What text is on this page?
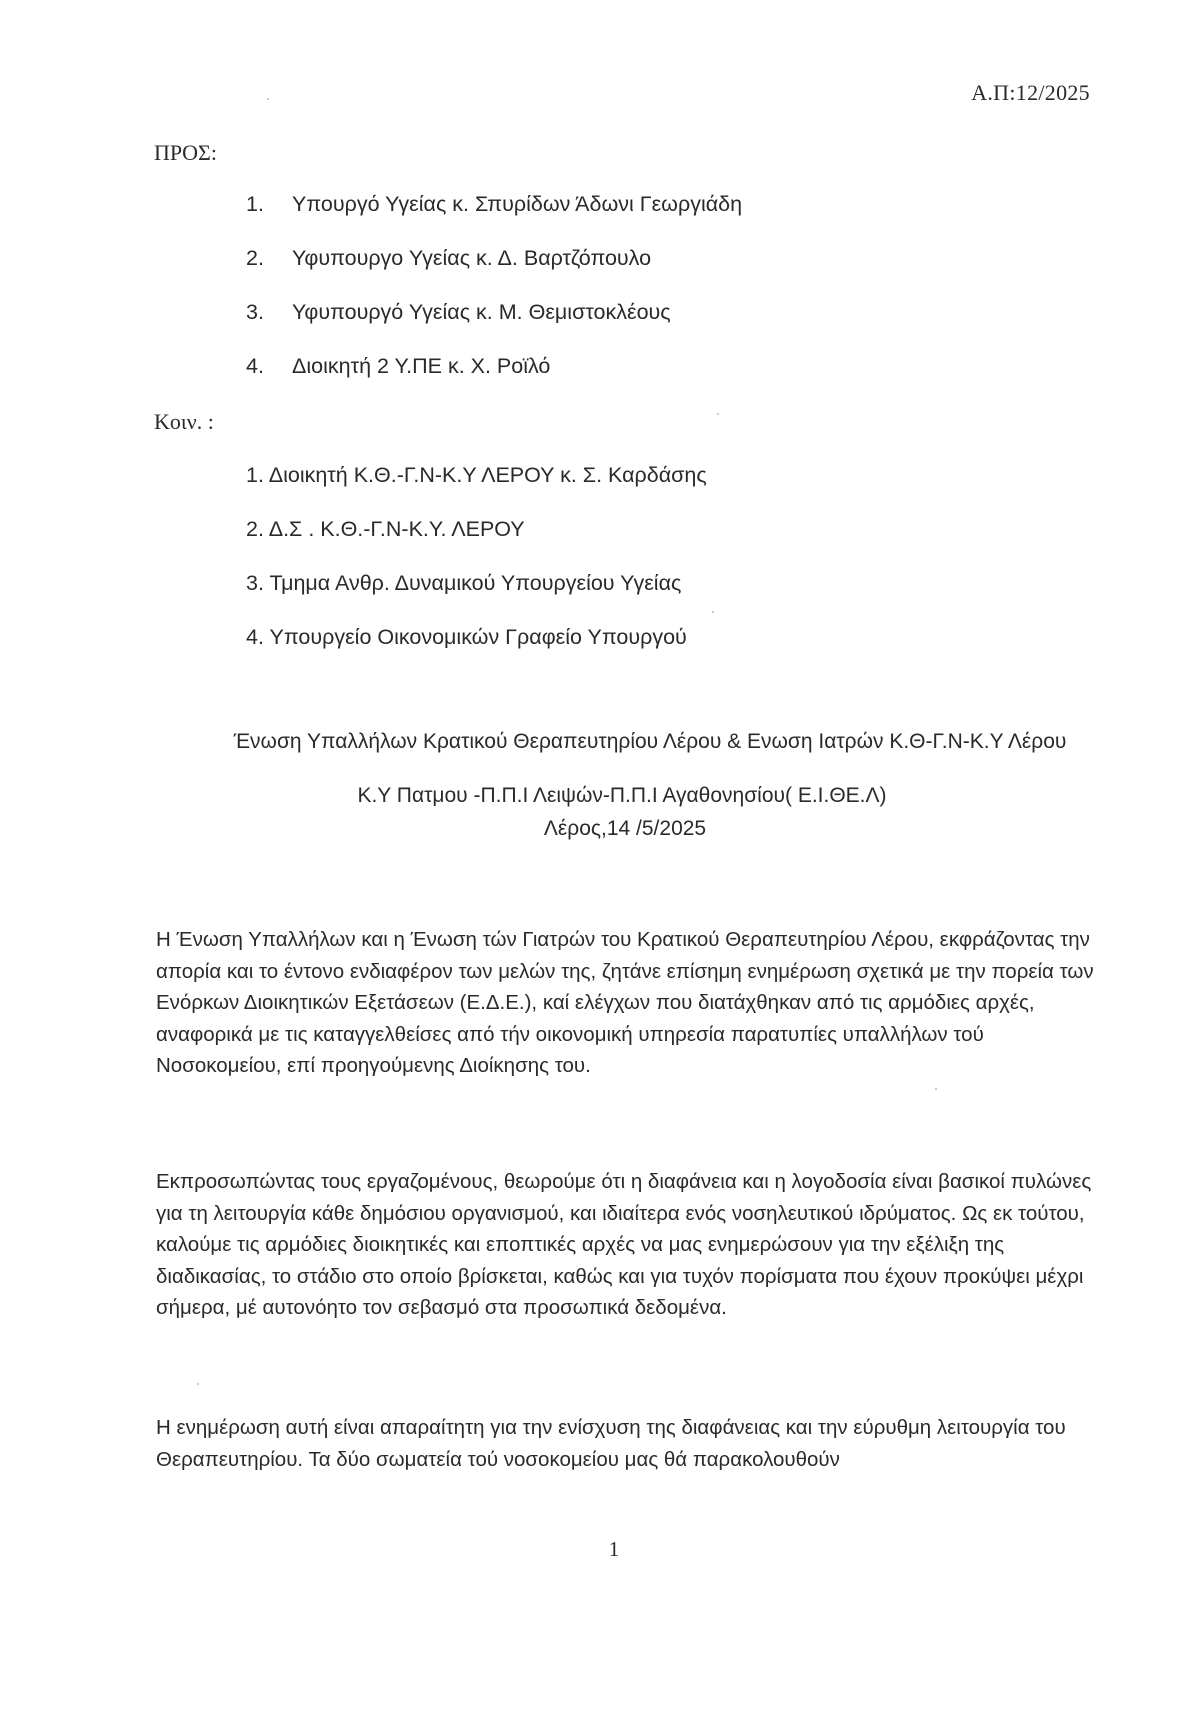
Α.Π:12/2025
ΠΡΟΣ:
1. Υπουργό Υγείας κ. Σπυρίδων Άδωνι Γεωργιάδη
2. Υφυπουργο Υγείας κ. Δ. Βαρτζόπουλο
3. Υφυπουργό Υγείας κ. Μ. Θεμιστοκλέους
4. Διοικητή 2 Υ.ΠΕ κ. Χ. Ροϊλό
Κοιν. :
1. Διοικητή Κ.Θ.-Γ.Ν-Κ.Υ ΛΕΡΟΥ κ. Σ. Καρδάσης
2. Δ.Σ . Κ.Θ.-Γ.Ν-Κ.Υ. ΛΕΡΟΥ
3. Τμημα Ανθρ. Δυναμικού Υπουργείου Υγείας
4. Υπουργείο Οικονομικών Γραφείο Υπουργού
Ένωση Υπαλλήλων Κρατικού Θεραπευτηρίου Λέρου & Ενωση Ιατρών Κ.Θ-Γ.Ν-Κ.Υ Λέρου
Κ.Υ Πατμου -Π.Π.Ι Λειψών-Π.Π.Ι Αγαθονησίου( Ε.Ι.ΘΕ.Λ)
Λέρος,14 /5/2025
Η Ένωση Υπαλλήλων και η Ένωση τών Γιατρών του Κρατικού Θεραπευτηρίου Λέρου, εκφράζοντας την απορία και το έντονο ενδιαφέρον των μελών της, ζητάνε επίσημη ενημέρωση σχετικά με την πορεία των Ενόρκων Διοικητικών Εξετάσεων (Ε.Δ.Ε.), καί ελέγχων που διατάχθηκαν από τις αρμόδιες αρχές, αναφορικά με τις καταγγελθείσες από τήν οικονομική υπηρεσία παρατυπίες υπαλλήλων τού Νοσοκομείου, επί προηγούμενης Διοίκησης του.
Εκπροσωπώντας τους εργαζομένους, θεωρούμε ότι η διαφάνεια και η λογοδοσία είναι βασικοί πυλώνες για τη λειτουργία κάθε δημόσιου οργανισμού, και ιδιαίτερα ενός νοσηλευτικού ιδρύματος. Ως εκ τούτου, καλούμε τις αρμόδιες διοικητικές και εποπτικές αρχές να μας ενημερώσουν για την εξέλιξη της διαδικασίας, το στάδιο στο οποίο βρίσκεται, καθώς και για τυχόν πορίσματα που έχουν προκύψει μέχρι σήμερα, μέ αυτονόητο τον σεβασμό στα προσωπικά δεδομένα.
Η ενημέρωση αυτή είναι απαραίτητη για την ενίσχυση της διαφάνειας και την εύρυθμη λειτουργία του Θεραπευτηρίου. Τα δύο σωματεία τού νοσοκομείου μας θά παρακολουθούν
1
